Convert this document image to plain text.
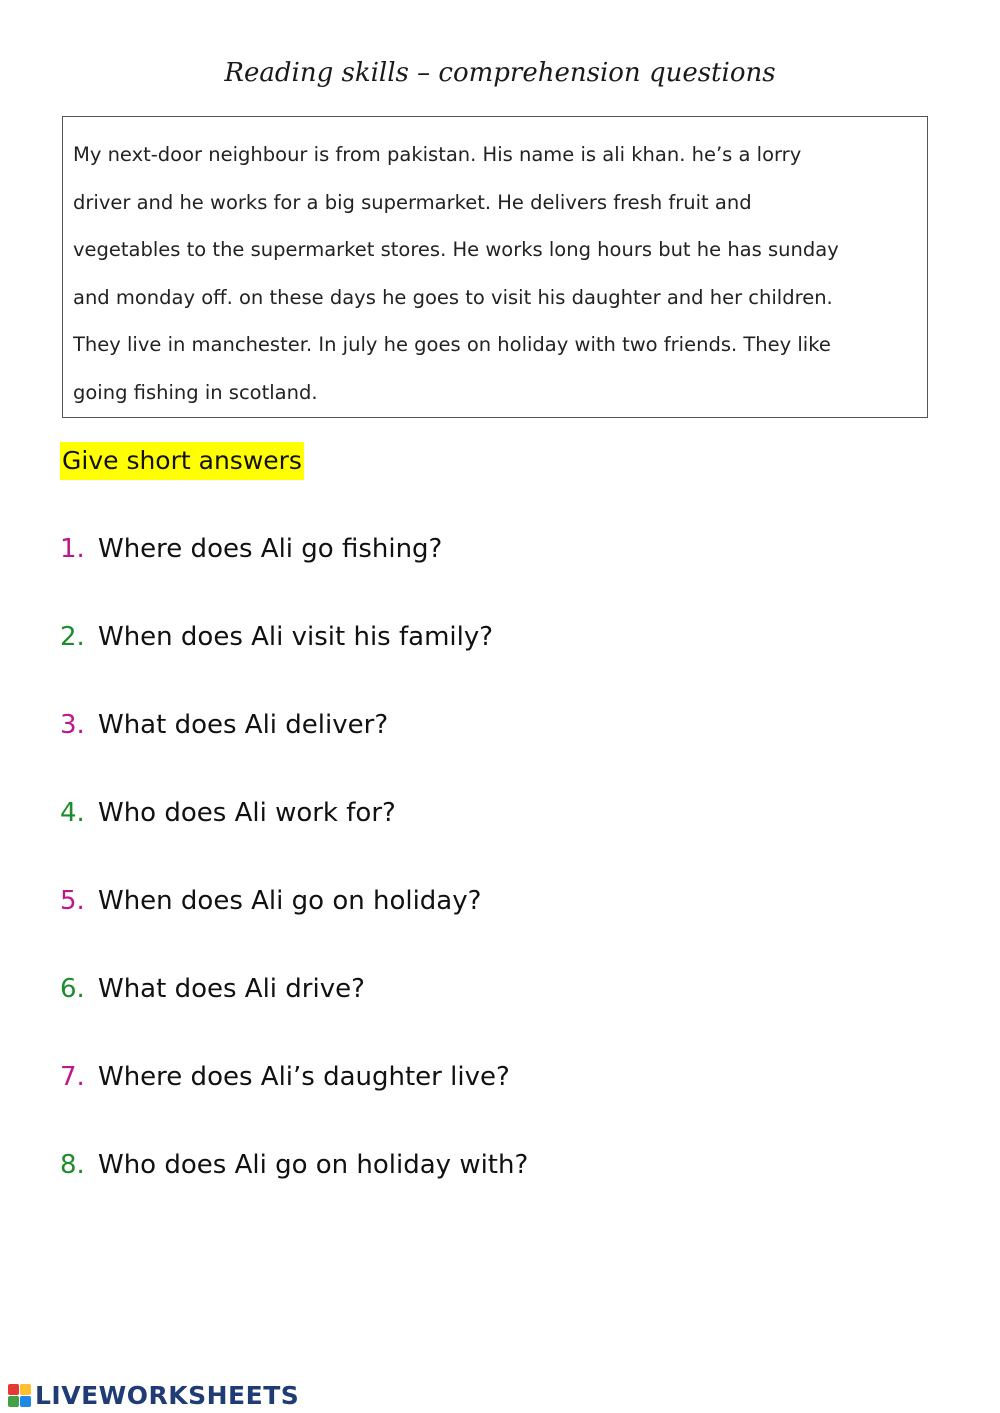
Reading skills – comprehension questions

My next-door neighbour is from pakistan. His name is ali khan. he’s a lorry

driver and he works for a big supermarket. He delivers fresh fruit and

vegetables to the supermarket stores. He works long hours but he has sunday

and monday off. on these days he goes to visit his daughter and her children.

They live in manchester. In july he goes on holiday with two friends. They like

going fishing in scotland.

Give short answers
1. Where does Ali go fishing?
2. When does Ali visit his family?
3. What does Ali deliver?
4. Who does Ali work for?
5. When does Ali go on holiday?
6. What does Ali drive?
7. Where does Ali’s daughter live?
8. Who does Ali go on holiday with?
LIVEWORKSHEETS
